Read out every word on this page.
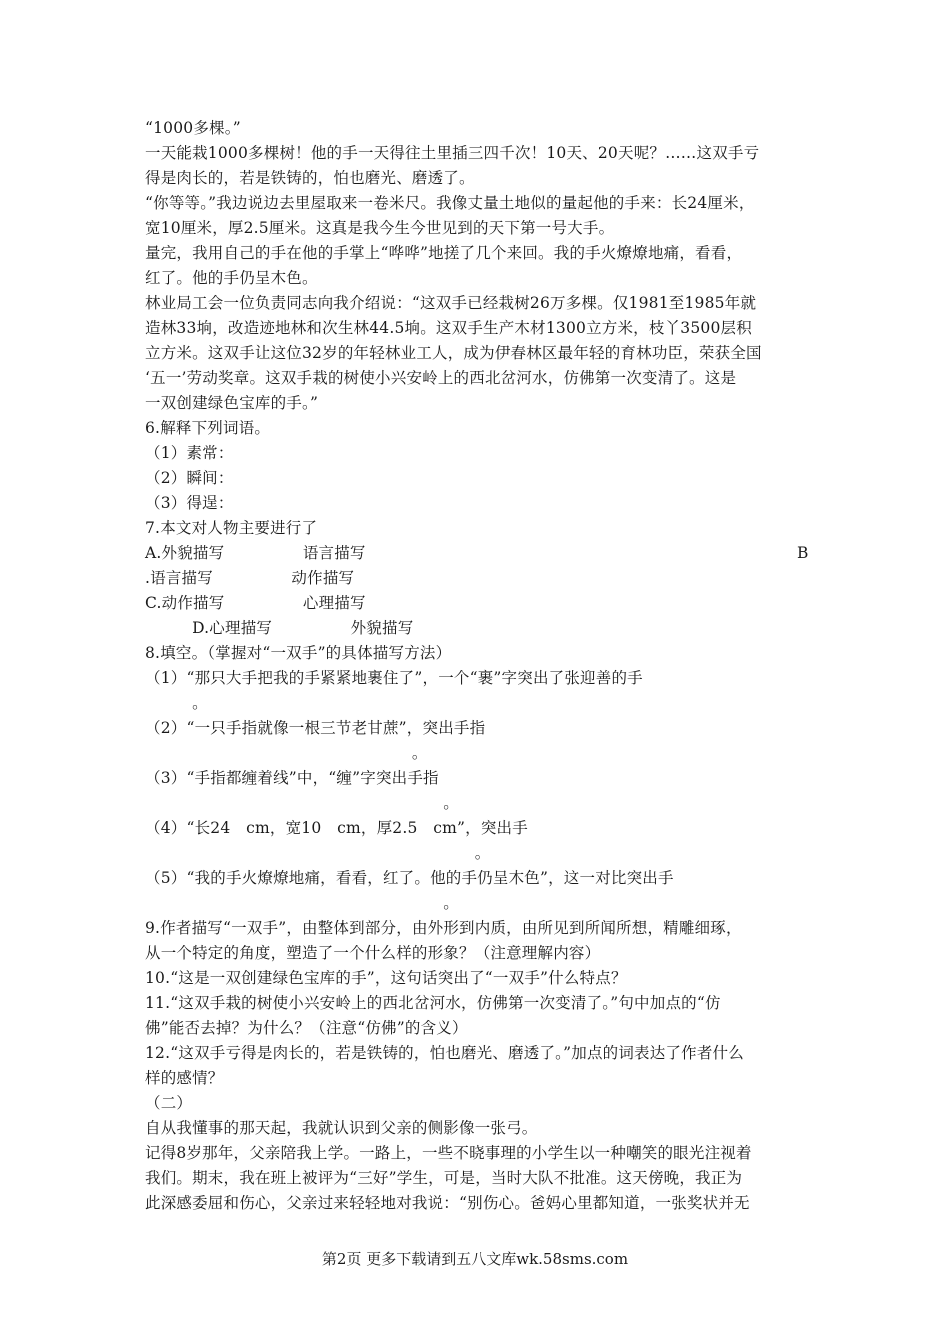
“1000多棵。”
一天能栽1000多棵树！他的手一天得往土里插三四千次！10天、20天呢？……这双手亏
得是肉长的，若是铁铸的，怕也磨光、磨透了。
“你等等。”我边说边去里屋取来一卷米尺。我像丈量土地似的量起他的手来：长24厘米，
宽10厘米，厚2.5厘米。这真是我今生今世见到的天下第一号大手。
量完，我用自己的手在他的手掌上“哗哗”地搓了几个来回。我的手火燎燎地痛，看看，
红了。他的手仍呈木色。
林业局工会一位负责同志向我介绍说：“这双手已经栽树26万多棵。仅1981至1985年就
造林33垧，改造迹地林和次生林44.5垧。这双手生产木材1300立方米，枝丫3500层积
立方米。这双手让这位32岁的年轻林业工人，成为伊春林区最年轻的育林功臣，荣获全国
‘五一’劳动奖章。这双手栽的树使小兴安岭上的西北岔河水，仿佛第一次变清了。这是
一双创建绿色宝库的手。”
6.解释下列词语。
（1）素常：
（2）瞬间：
（3）得逞：
7.本文对人物主要进行了
A.外貌描写　　　　　语言描写	B
.语言描写　　　　　动作描写
C.动作描写　　　　　心理描写
　　　D.心理描写　　　　　外貌描写
8.填空。（掌握对“一双手”的具体描写方法）
（1）“那只大手把我的手紧紧地裹住了”，一个“裹”字突出了张迎善的手
　　　。
（2）“一只手指就像一根三节老甘蔗”，突出手指
　　　　　　　　　　　　　　　　　。
（3）“手指都缠着线”中，“缠”字突出手指
　　　　　　　　　　　　　　　　　　　。
（4）“长24　cm，宽10　cm，厚2.5　cm”，突出手
　　　　　　　　　　　　　　　　　　　　　。
（5）“我的手火燎燎地痛，看看，红了。他的手仍呈木色”，这一对比突出手
　　　　　　　　　　　　　　　　　　　。
9.作者描写“一双手”，由整体到部分，由外形到内质，由所见到所闻所想，精雕细琢，
从一个特定的角度，塑造了一个什么样的形象？（注意理解内容）
10.“这是一双创建绿色宝库的手”，这句话突出了“一双手”什么特点？
11.“这双手栽的树使小兴安岭上的西北岔河水，仿佛第一次变清了。”句中加点的“仿
佛”能否去掉？为什么？（注意“仿佛”的含义）
12.“这双手亏得是肉长的，若是铁铸的，怕也磨光、磨透了。”加点的词表达了作者什么
样的感情？
（二）
自从我懂事的那天起，我就认识到父亲的侧影像一张弓。
记得8岁那年，父亲陪我上学。一路上，一些不晓事理的小学生以一种嘲笑的眼光注视着
我们。期末，我在班上被评为“三好”学生，可是，当时大队不批准。这天傍晚，我正为
此深感委屈和伤心，父亲过来轻轻地对我说：“别伤心。爸妈心里都知道，一张奖状并无
第2页 更多下载请到五八文库wk.58sms.com
